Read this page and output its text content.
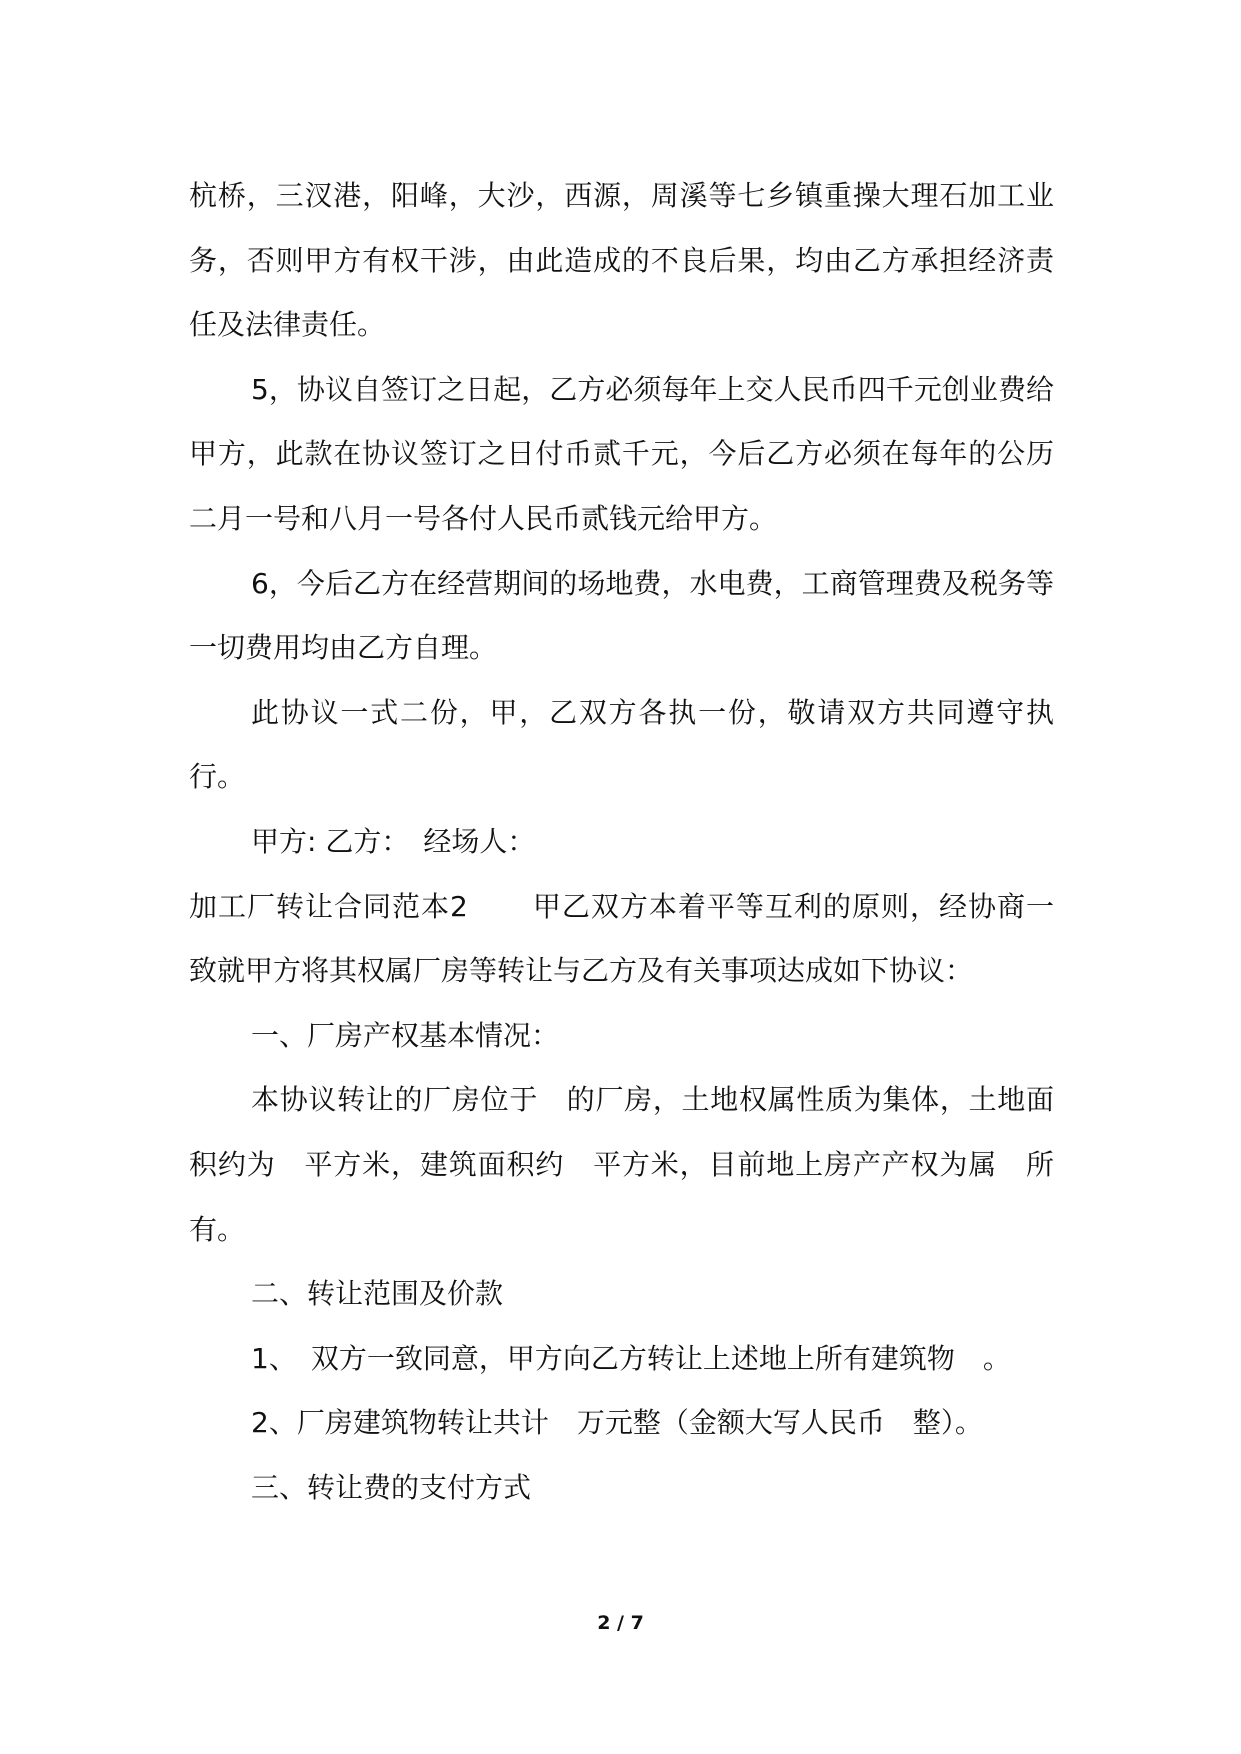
杭桥，三汊港，阳峰，大沙，西源，周溪等七乡镇重操大理石加工业务，否则甲方有权干涉，由此造成的不良后果，均由乙方承担经济责任及法律责任。

5，协议自签订之日起，乙方必须每年上交人民币四千元创业费给甲方，此款在协议签订之日付币贰千元，今后乙方必须在每年的公历二月一号和八月一号各付人民币贰钱元给甲方。

6，今后乙方在经营期间的场地费，水电费，工商管理费及税务等一切费用均由乙方自理。

此协议一式二份，甲，乙双方各执一份，敬请双方共同遵守执行。

甲方: 乙方：　经场人：

加工厂转让合同范本2 甲乙双方本着平等互利的原则，经协商一致就甲方将其权属厂房等转让与乙方及有关事项达成如下协议：

一、厂房产权基本情况：

本协议转让的厂房位于　的厂房，土地权属性质为集体，土地面积约为　平方米，建筑面积约　平方米，目前地上房产产权为属　所有。

二、转让范围及价款

1、　双方一致同意，甲方向乙方转让上述地上所有建筑物　。

2、厂房建筑物转让共计　万元整（金额大写人民币　整）。

三、转让费的支付方式

2 / 7
